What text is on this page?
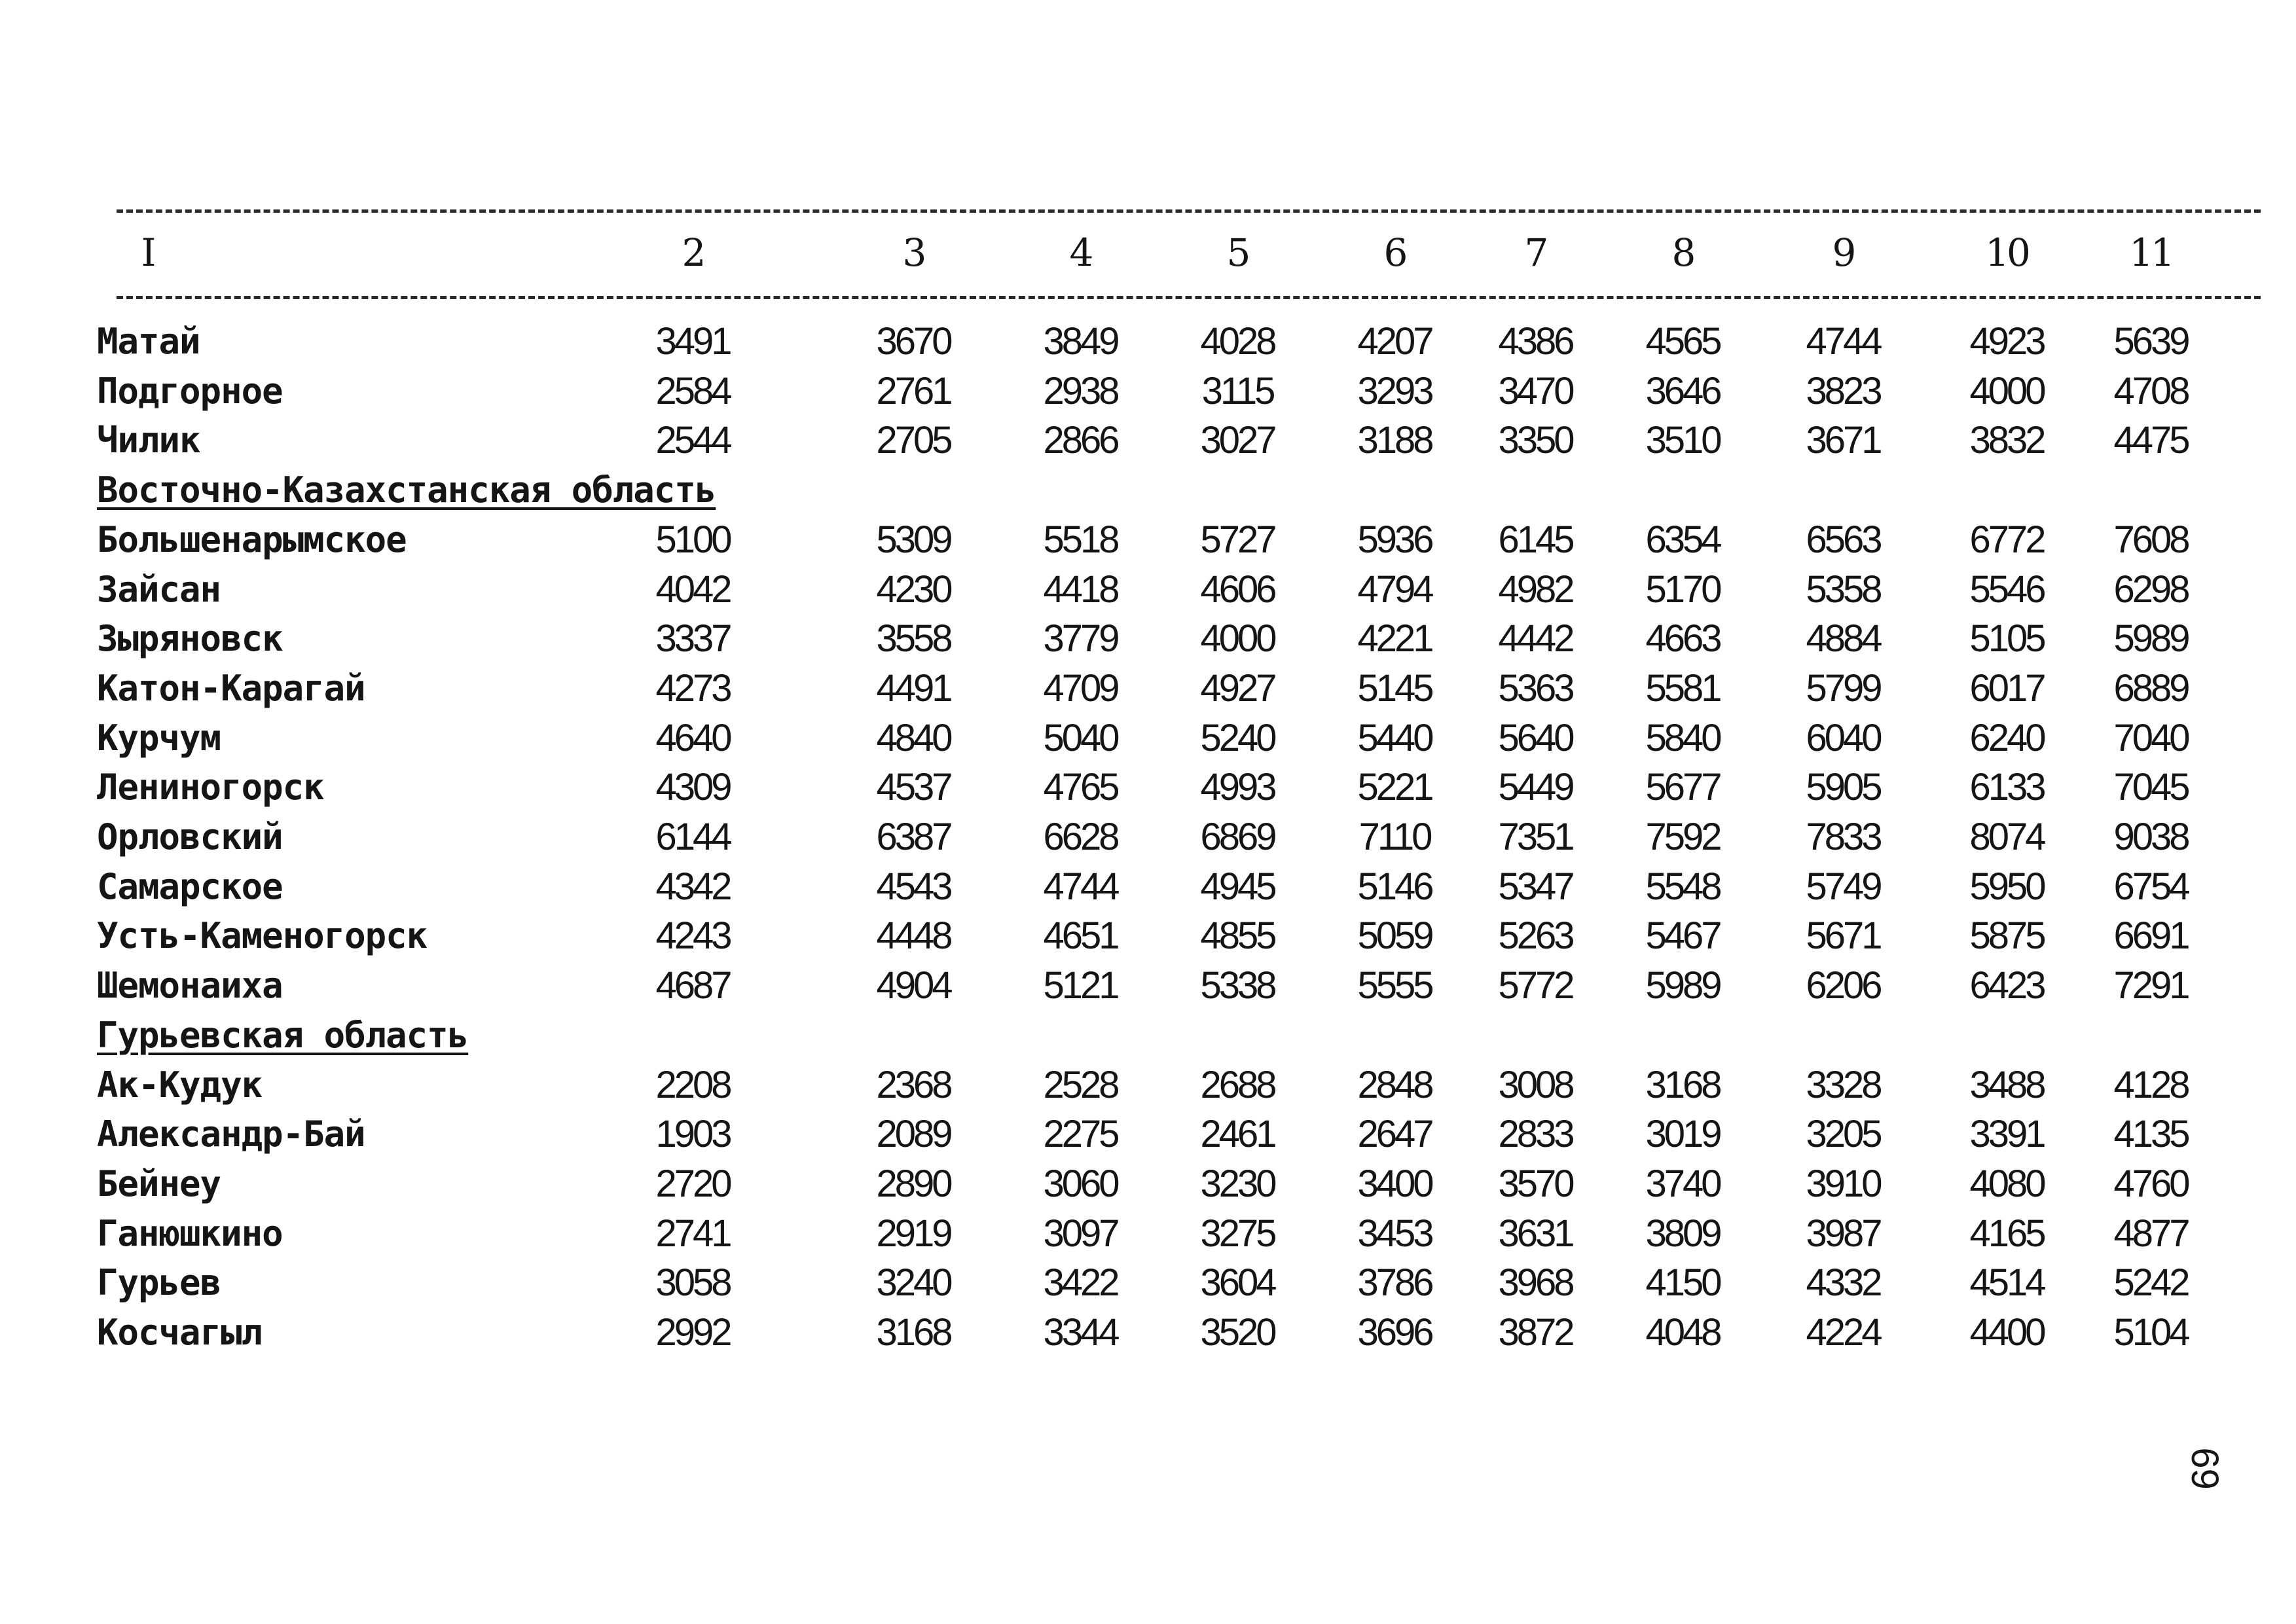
I	2	3	4	5	6	7	8	9	10	11
Матай	3491	3670	3849	4028	4207	4386	4565	4744	4923	5639
Подгорное	2584	2761	2938	3115	3293	3470	3646	3823	4000	4708
Чилик	2544	2705	2866	3027	3188	3350	3510	3671	3832	4475
Восточно-Казахстанская область
Большенарымское	5100	5309	5518	5727	5936	6145	6354	6563	6772	7608
Зайсан	4042	4230	4418	4606	4794	4982	5170	5358	5546	6298
Зыряновск	3337	3558	3779	4000	4221	4442	4663	4884	5105	5989
Катон-Карагай	4273	4491	4709	4927	5145	5363	5581	5799	6017	6889
Курчум	4640	4840	5040	5240	5440	5640	5840	6040	6240	7040
Лениногорск	4309	4537	4765	4993	5221	5449	5677	5905	6133	7045
Орловский	6144	6387	6628	6869	7110	7351	7592	7833	8074	9038
Самарское	4342	4543	4744	4945	5146	5347	5548	5749	5950	6754
Усть-Каменогорск	4243	4448	4651	4855	5059	5263	5467	5671	5875	6691
Шемонаиха	4687	4904	5121	5338	5555	5772	5989	6206	6423	7291
Гурьевская область
Ак-Кудук	2208	2368	2528	2688	2848	3008	3168	3328	3488	4128
Александр-Бай	1903	2089	2275	2461	2647	2833	3019	3205	3391	4135
Бейнеу	2720	2890	3060	3230	3400	3570	3740	3910	4080	4760
Ганюшкино	2741	2919	3097	3275	3453	3631	3809	3987	4165	4877
Гурьев	3058	3240	3422	3604	3786	3968	4150	4332	4514	5242
Косчагыл	2992	3168	3344	3520	3696	3872	4048	4224	4400	5104
69
